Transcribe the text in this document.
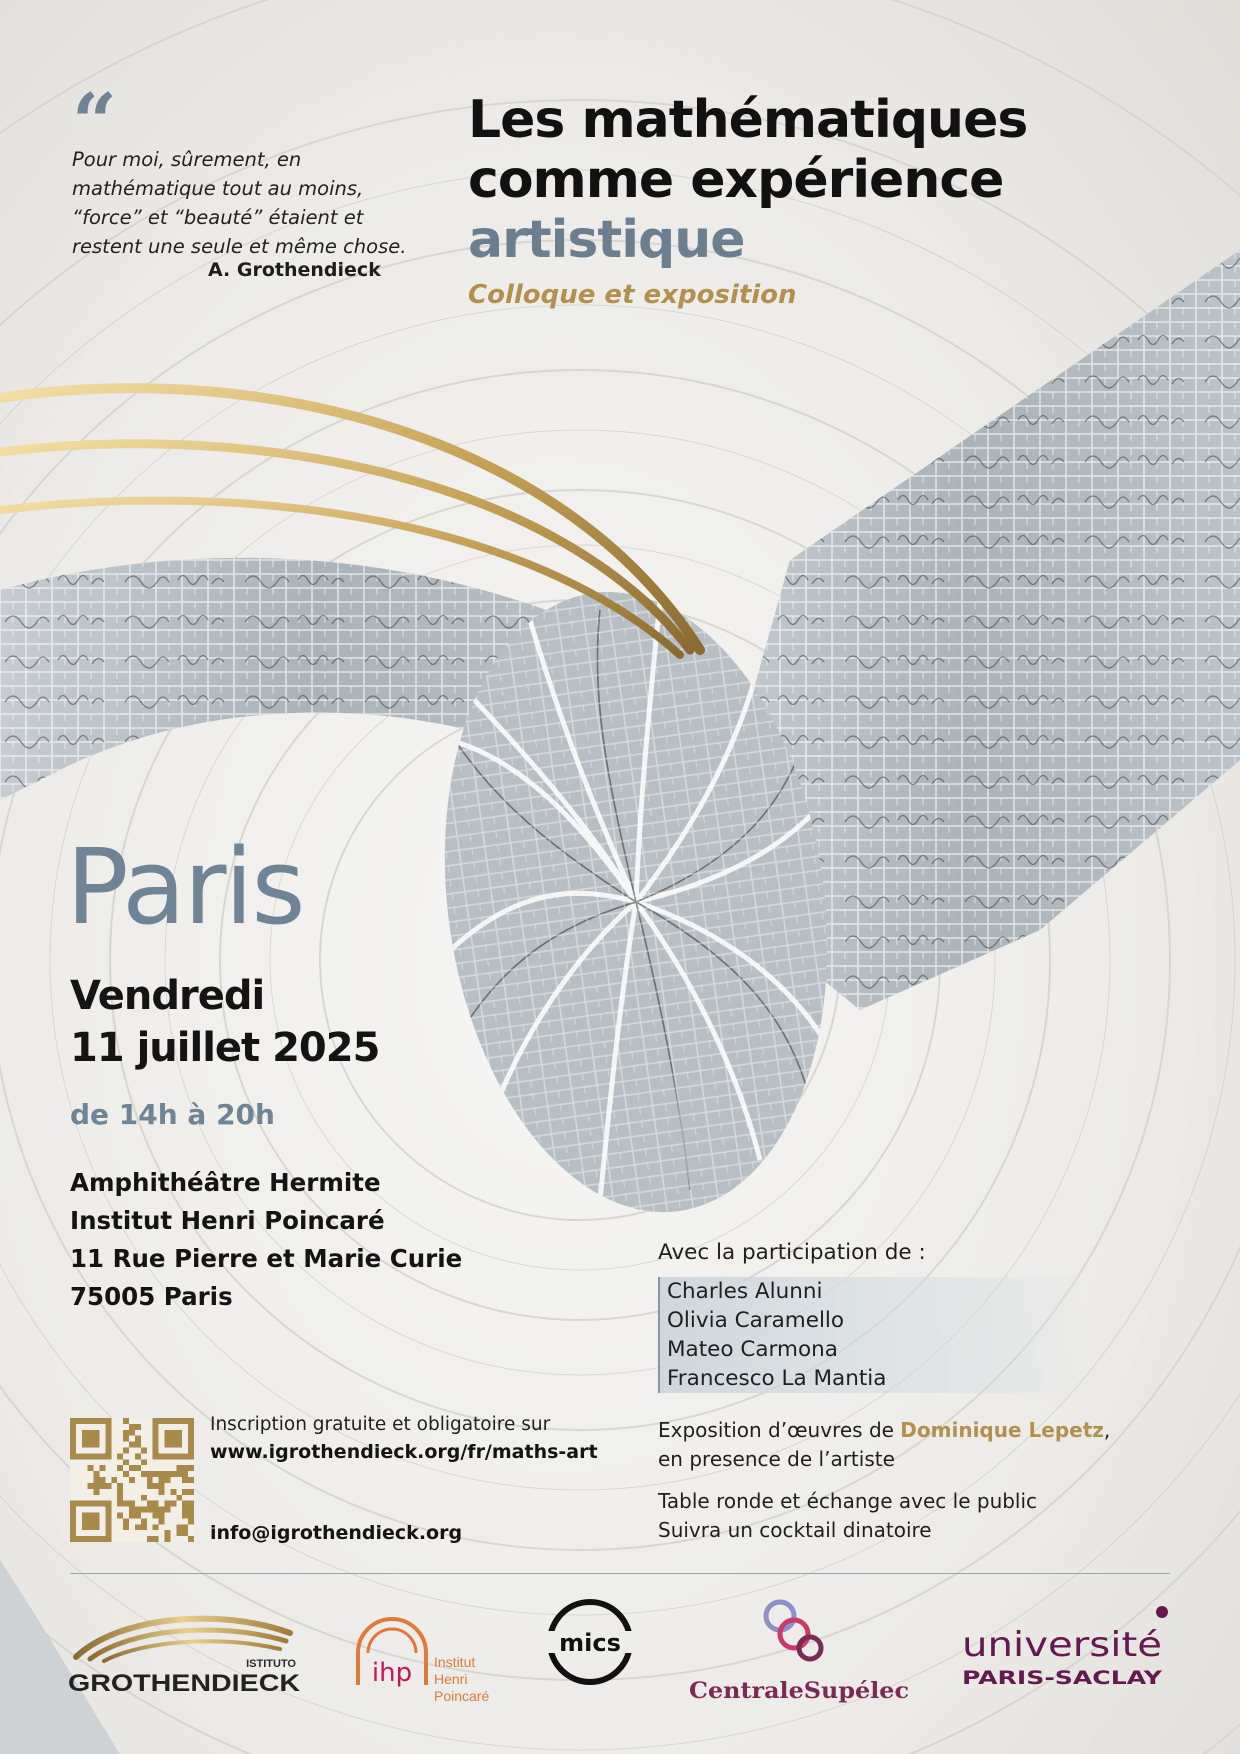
“
Pour moi, sûrement, en mathématique tout au moins, “force” et “beauté” étaient et restent une seule et même chose.
A. Grothendieck
Les mathématiques
comme expérience
artistique
Colloque et exposition
Paris
Vendredi
11 juillet 2025
de 14h à 20h
Amphithéâtre Hermite
Institut Henri Poincaré
11 Rue Pierre et Marie Curie
75005 Paris
Avec la participation de :
Charles Alunni
Olivia Caramello
Mateo Carmona
Francesco La Mantia
Exposition d’œuvres de Dominique Lepetz,
en presence de l’artiste
Table ronde et échange avec le public
Suivra un cocktail dinatoire
Inscription gratuite et obligatoire sur
www.igrothendieck.org/fr/maths-art
info@igrothendieck.org
ISTITUTO
GROTHENDIECK	ihp Institut
Henri
Poincaré
mics
CentraleSupélec
université
PARIS-SACLAY
